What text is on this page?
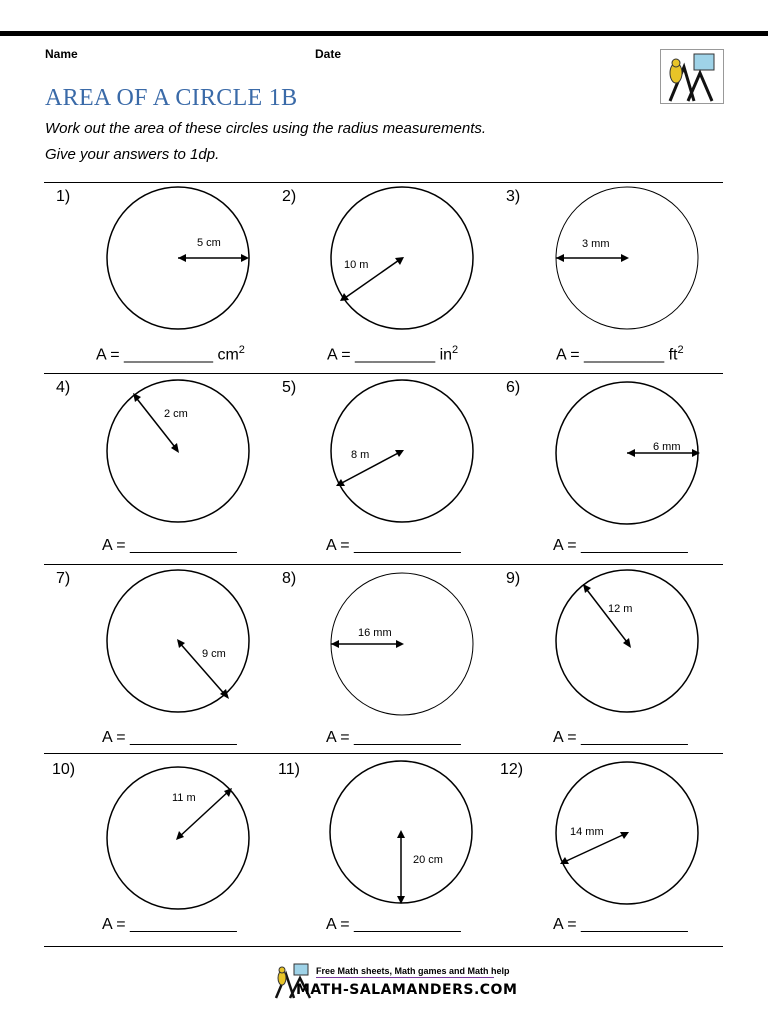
Name	Date
AREA OF A CIRCLE 1B
Work out the area of these circles using the radius measurements.
Give your answers to 1dp.
1)
5 cm
A = __________ $cm^2$
2)
10 m
A = _________ $in^2$
3)
3 mm
A = _________ $ft^2$
4)
2 cm
A = ____________
5)
8 m
A = ____________
6)
6 mm
A = ____________
7)
9 cm
A = ____________
8)
16 mm
A = ____________
9)
12 m
A = ____________
10)
11 m
A = ____________
11)
20 cm
A = ____________
12)
14 mm
A = ____________
Free Math sheets, Math games and Math help
MATH-SALAMANDERS.COM
